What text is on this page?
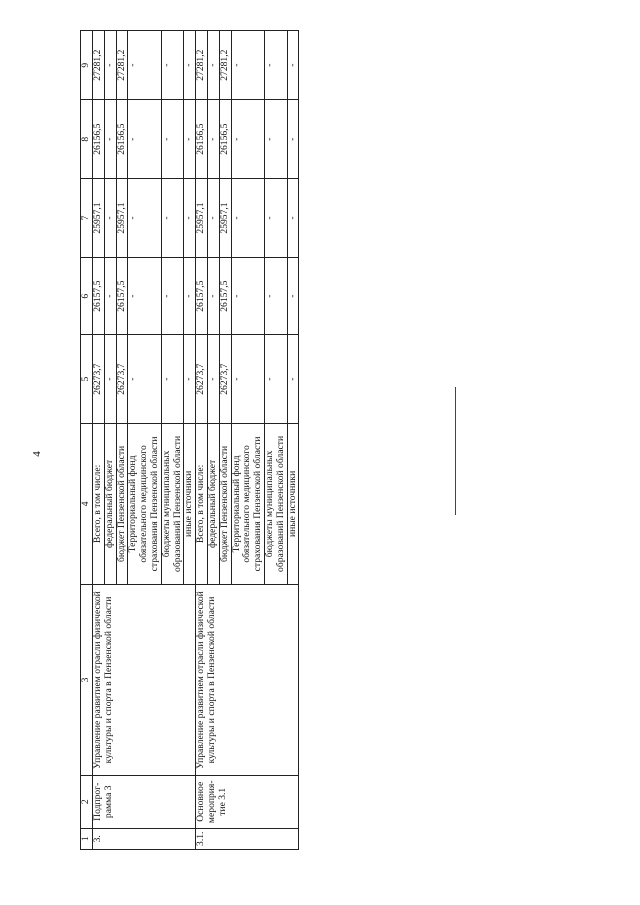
4
1	2	3	4	5	6	7	8	9
3.	Подпрог-рамма 3	Управление развитием отрасли физической культуры и спорта в Пензенской области	Всего, в том числе:	26273,7	26157,5	25957,1	26156,5	27281,2
			федеральный бюджет	-	-	-	-	-
			бюджет Пензенской области	26273,7	26157,5	25957,1	26156,5	27281,2
			Территориальный фонд обязательного медицинского страхования Пензенской области	-	-	-	-	-
			бюджеты муниципальных образований Пензенской области	-	-	-	-	-
			иные источники	-	-	-	-	-
3.1.	Основное мероприя-тие 3.1	Управление развитием отрасли физической культуры и спорта в Пензенской области	Всего, в том числе:	26273,7	26157,5	25957,1	26156,5	27281,2
			федеральный бюджет	-	-	-	-	-
			бюджет Пензенской области	26273,7	26157,5	25957,1	26156,5	27281,2
			Территориальный фонд обязательного медицинского страхования Пензенской области	-	-	-	-	-
			бюджеты муниципальных образований Пензенской области	-	-	-	-	-
			иные источники	-	-	-	-	-
